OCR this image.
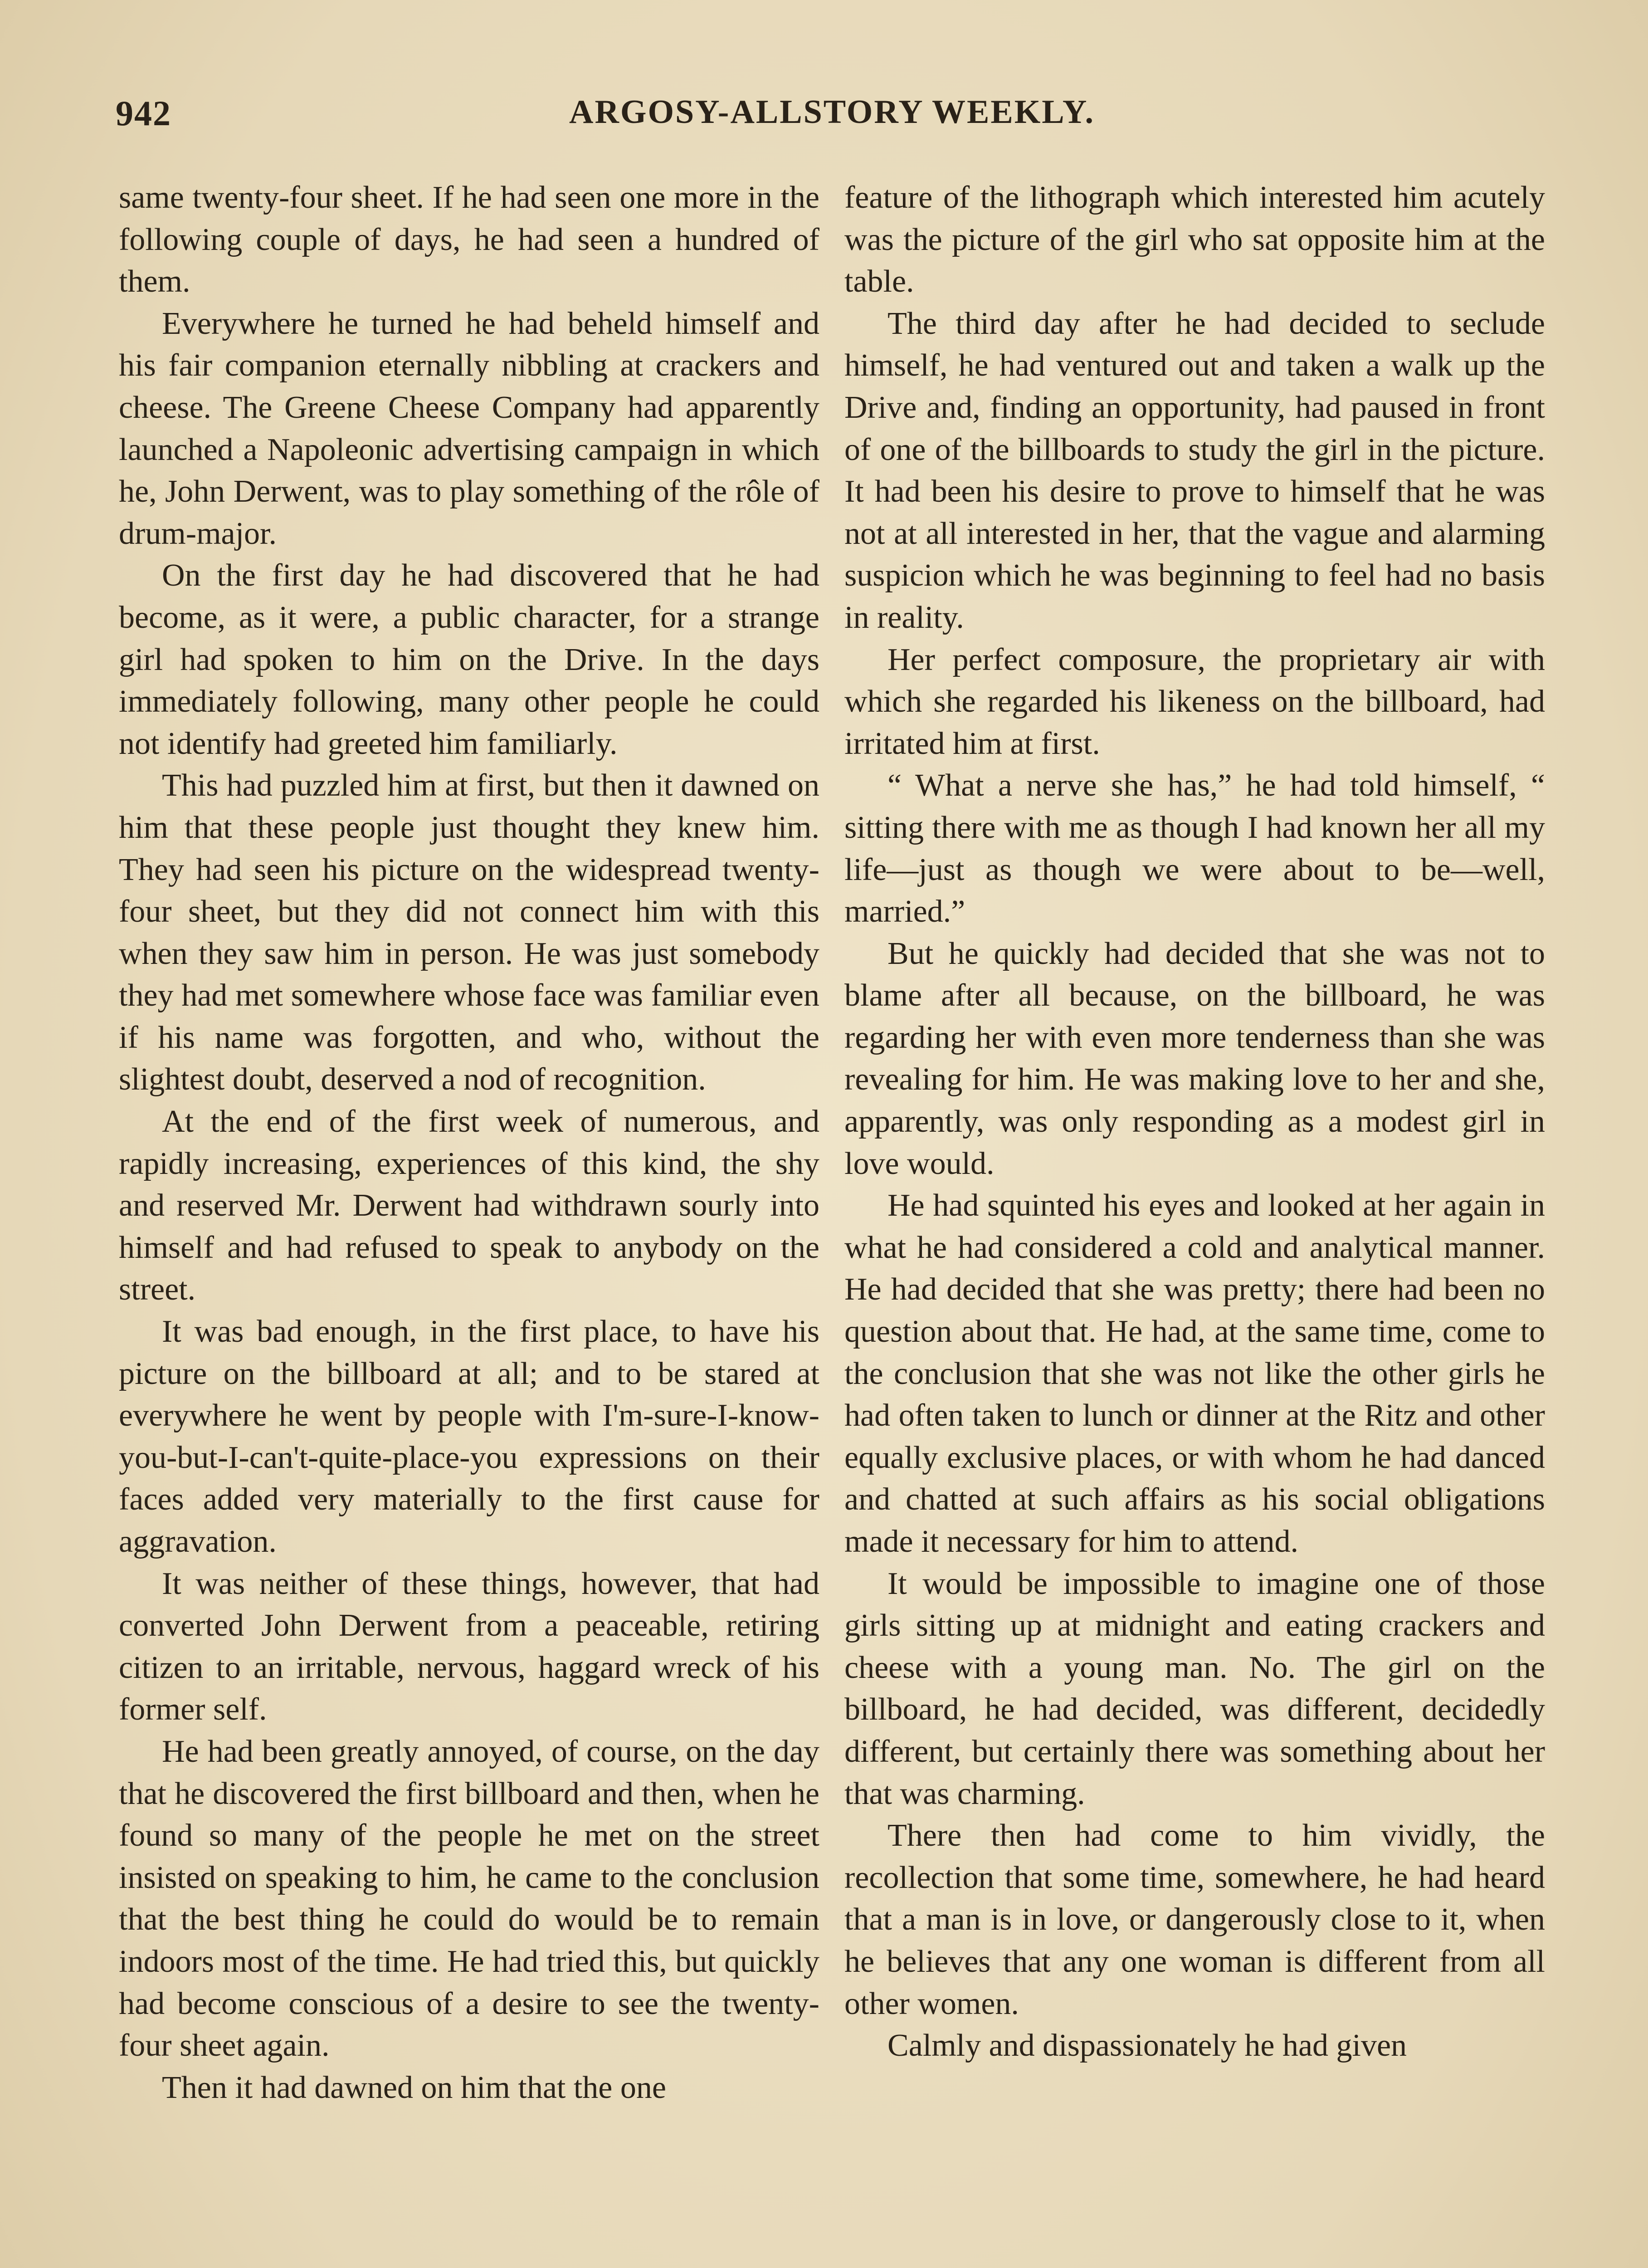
942	ARGOSY-ALLSTORY WEEKLY.

same twenty-four sheet. If he had seen one more in the following couple of days, he had seen a hundred of them.

Everywhere he turned he had beheld himself and his fair companion eternally nibbling at crackers and cheese. The Greene Cheese Company had apparently launched a Napoleonic advertising campaign in which he, John Derwent, was to play something of the rôle of drum-major.

On the first day he had discovered that he had become, as it were, a public character, for a strange girl had spoken to him on the Drive. In the days immediately following, many other people he could not identify had greeted him familiarly.

This had puzzled him at first, but then it dawned on him that these people just thought they knew him. They had seen his picture on the widespread twenty-four sheet, but they did not connect him with this when they saw him in person. He was just somebody they had met somewhere whose face was familiar even if his name was forgotten, and who, without the slightest doubt, deserved a nod of recognition.

At the end of the first week of numerous, and rapidly increasing, experiences of this kind, the shy and reserved Mr. Derwent had withdrawn sourly into himself and had refused to speak to anybody on the street.

It was bad enough, in the first place, to have his picture on the billboard at all; and to be stared at everywhere he went by people with I'm-sure-I-know-you-but-I-can't-quite-place-you expressions on their faces added very materially to the first cause for aggravation.

It was neither of these things, however, that had converted John Derwent from a peaceable, retiring citizen to an irritable, nervous, haggard wreck of his former self.

He had been greatly annoyed, of course, on the day that he discovered the first billboard and then, when he found so many of the people he met on the street insisted on speaking to him, he came to the conclusion that the best thing he could do would be to remain indoors most of the time. He had tried this, but quickly had become conscious of a desire to see the twenty-four sheet again.

Then it had dawned on him that the one

feature of the lithograph which interested him acutely was the picture of the girl who sat opposite him at the table.

The third day after he had decided to seclude himself, he had ventured out and taken a walk up the Drive and, finding an opportunity, had paused in front of one of the billboards to study the girl in the picture. It had been his desire to prove to himself that he was not at all interested in her, that the vague and alarming suspicion which he was beginning to feel had no basis in reality.

Her perfect composure, the proprietary air with which she regarded his likeness on the billboard, had irritated him at first.

“ What a nerve she has,” he had told himself, “ sitting there with me as though I had known her all my life—just as though we were about to be—well, married.”

But he quickly had decided that she was not to blame after all because, on the billboard, he was regarding her with even more tenderness than she was revealing for him. He was making love to her and she, apparently, was only responding as a modest girl in love would.

He had squinted his eyes and looked at her again in what he had considered a cold and analytical manner. He had decided that she was pretty; there had been no question about that. He had, at the same time, come to the conclusion that she was not like the other girls he had often taken to lunch or dinner at the Ritz and other equally exclusive places, or with whom he had danced and chatted at such affairs as his social obligations made it necessary for him to attend.

It would be impossible to imagine one of those girls sitting up at midnight and eating crackers and cheese with a young man. No. The girl on the billboard, he had decided, was different, decidedly different, but certainly there was something about her that was charming.

There then had come to him vividly, the recollection that some time, somewhere, he had heard that a man is in love, or dangerously close to it, when he believes that any one woman is different from all other women.

Calmly and dispassionately he had given
